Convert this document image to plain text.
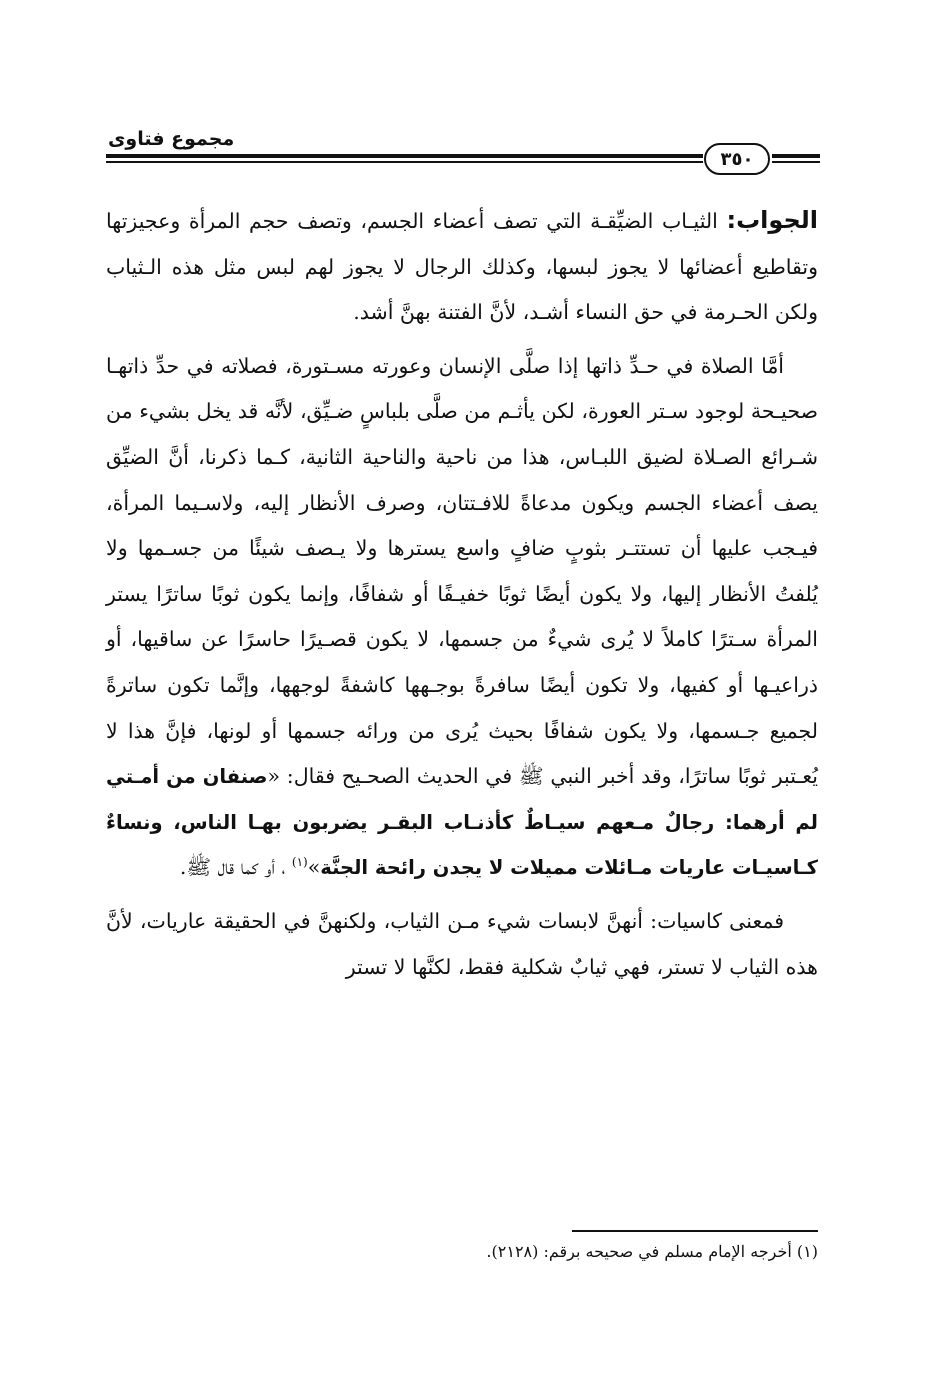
مجموع فتاوى
٣٥٠

الجواب: الثيـاب الضيِّقـة التي تصف أعضاء الجسم، وتصف حجم المرأة وعجيزتها وتقاطيع أعضائها لا يجوز لبسها، وكذلك الرجال لا يجوز لهم لبس مثل هذه الـثياب ولكن الحـرمة في حق النساء أشـد، لأنَّ الفتنة بهنَّ أشد.

أمَّا الصلاة في حـدِّ ذاتها إذا صلَّى الإنسان وعورته مسـتورة، فصلاته في حدِّ ذاتهـا صحيـحة لوجود سـتر العورة، لكن يأثـم من صلَّى بلباسٍ ضـيِّق، لأنَّه قد يخل بشيء من شـرائع الصـلاة لضيق اللبـاس، هذا من ناحية والناحية الثانية، كـما ذكرنا، أنَّ الضيِّق يصف أعضاء الجسم ويكون مدعاةً للافـتتان، وصرف الأنظار إليه، ولاسـيما المرأة، فيـجب عليها أن تستتـر بثوبٍ ضافٍ واسع يسترها ولا يـصف شيئًا من جسـمها ولا يُلفتُ الأنظار إليها، ولا يكون أيضًا ثوبًا خفيـفًا أو شفافًا، وإنما يكون ثوبًا ساترًا يستر المرأة سـترًا كاملاً لا يُرى شيءٌ من جسمها، لا يكون قصـيرًا حاسرًا عن ساقيها، أو ذراعيـها أو كفيها، ولا تكون أيضًا سافرةً بوجـهها كاشفةً لوجهها، وإنَّما تكون ساترةً لجميع جـسمها، ولا يكون شفافًا بحيث يُرى من ورائه جسمها أو لونها، فإنَّ هذا لا يُعـتبر ثوبًا ساترًا، وقد أخبر النبي ﷺ في الحديث الصحـيح فقال: «صنفان من أمـتي لم أرهما: رجالٌ مـعهم سيـاطٌ كأذنـاب البقـر يضربون بهـا الناس، ونساءٌ كـاسيـات عاريات مـائلات مميلات لا يجدن رائحة الجنَّة»$^{(١)}$ ، أو كما قال ﷺ.

فمعنى كاسيات: أنهنَّ لابسات شيء مـن الثياب، ولكنهنَّ في الحقيقة عاريات، لأنَّ هذه الثياب لا تستر، فهي ثيابٌ شكلية فقط، لكنَّها لا تستر

(١) أخرجه الإمام مسلم في صحيحه برقم: (٢١٢٨).
